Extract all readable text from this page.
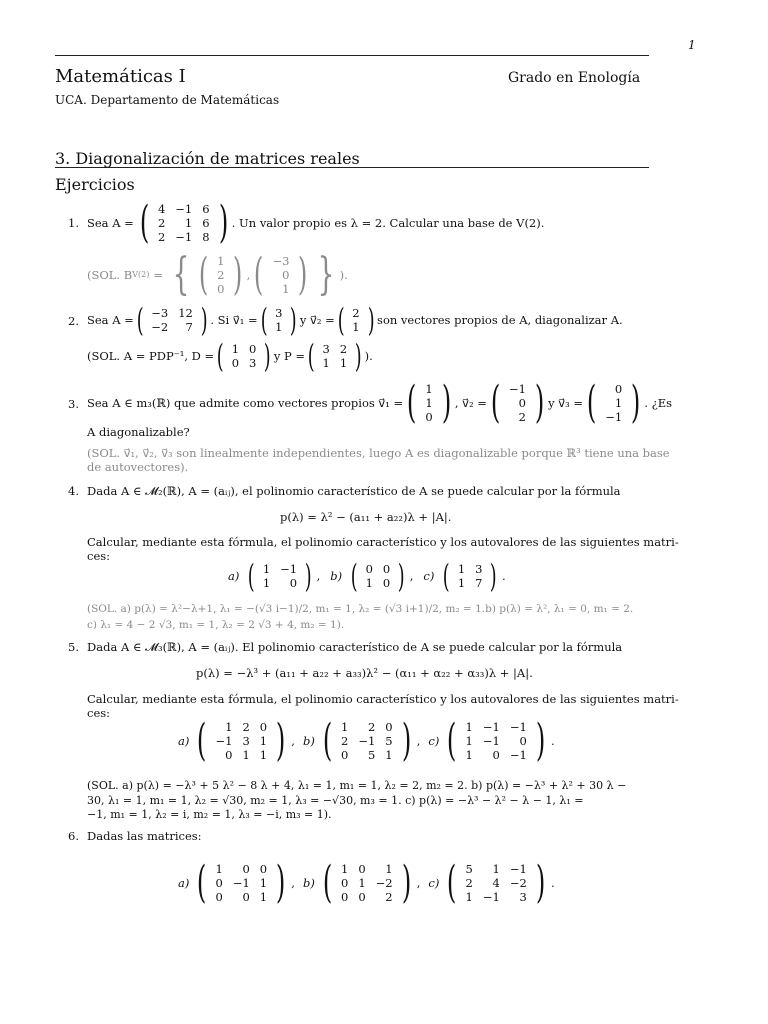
1
Matemáticas I	Grado en Enología
UCA. Departamento de Matemáticas
3. Diagonalización de matrices reales
Ejercicios
1. Sea A = ( 4	−1	6
2	1	6
2	−1	8 ) . Un valor propio es λ = 2. Calcular una base de V(2).
(SOL. B V(2) = { ( 1
2
0 ) , ( −3
0
1 ) } ).
2. Sea A = ( −3	12
−2	7 ) . Si v⃗₁ = ( 3
1 ) y v⃗₂ = ( 2
1 ) son vectores propios de A, diagonalizar A.
(SOL. A = PDP⁻¹, D = ( 1	0
0	3 ) y P = ( 3	2
1	1 ) ).
3. Sea A ∈ m₃(ℝ) que admite como vectores propios v⃗₁ = ( 1
1
0 ) , v⃗₂ = ( −1
0
2 ) y v⃗₃ = ( 0
1
−1 ) . ¿Es
A diagonalizable?
(SOL. v⃗₁, v⃗₂, v⃗₃ son linealmente independientes, luego A es diagonalizable porque ℝ³ tiene una base
de autovectores).
4. Dada A ∈ 𝓜₂(ℝ), A = (aᵢⱼ), el polinomio característico de A se puede calcular por la fórmula
p(λ) = λ² − (a₁₁ + a₂₂)λ + |A|.
Calcular, mediante esta fórmula, el polinomio característico y los autovalores de las siguientes matri-
ces:
a) ( 1	−1
1	0 ) , b) ( 0	0
1	0 ) , c) ( 1	3
1	7 ) .
(SOL. a) p(λ) = λ²−λ+1, λ₁ = −(√3 i−1)/2, m₁ = 1, λ₂ = (√3 i+1)/2, m₂ = 1.b) p(λ) = λ², λ₁ = 0, m₁ = 2.
c) λ₁ = 4 − 2 √3, m₁ = 1, λ₂ = 2 √3 + 4, m₂ = 1).
5. Dada A ∈ 𝓜₃(ℝ), A = (aᵢⱼ). El polinomio característico de A se puede calcular por la fórmula
p(λ) = −λ³ + (a₁₁ + a₂₂ + a₃₃)λ² − (α₁₁ + α₂₂ + α₃₃)λ + |A|.
Calcular, mediante esta fórmula, el polinomio característico y los autovalores de las siguientes matri-
ces:
a) ( 1	2	0
−1	3	1
0	1	1 ) , b) ( 1	2	0
2	−1	5
0	5	1 ) , c) ( 1	−1	−1
1	−1	0
1	0	−1 ) .
(SOL. a) p(λ) = −λ³ + 5 λ² − 8 λ + 4, λ₁ = 1, m₁ = 1, λ₂ = 2, m₂ = 2. b) p(λ) = −λ³ + λ² + 30 λ −
30, λ₁ = 1, m₁ = 1, λ₂ = √30, m₂ = 1, λ₃ = −√30, m₃ = 1. c) p(λ) = −λ³ − λ² − λ − 1, λ₁ =
−1, m₁ = 1, λ₂ = i, m₂ = 1, λ₃ = −i, m₃ = 1).
6. Dadas las matrices:
a) ( 1	0	0
0	−1	1
0	0	1 ) , b) ( 1	0	1
0	1	−2
0	0	2 ) , c) ( 5	1	−1
2	4	−2
1	−1	3 ) .
